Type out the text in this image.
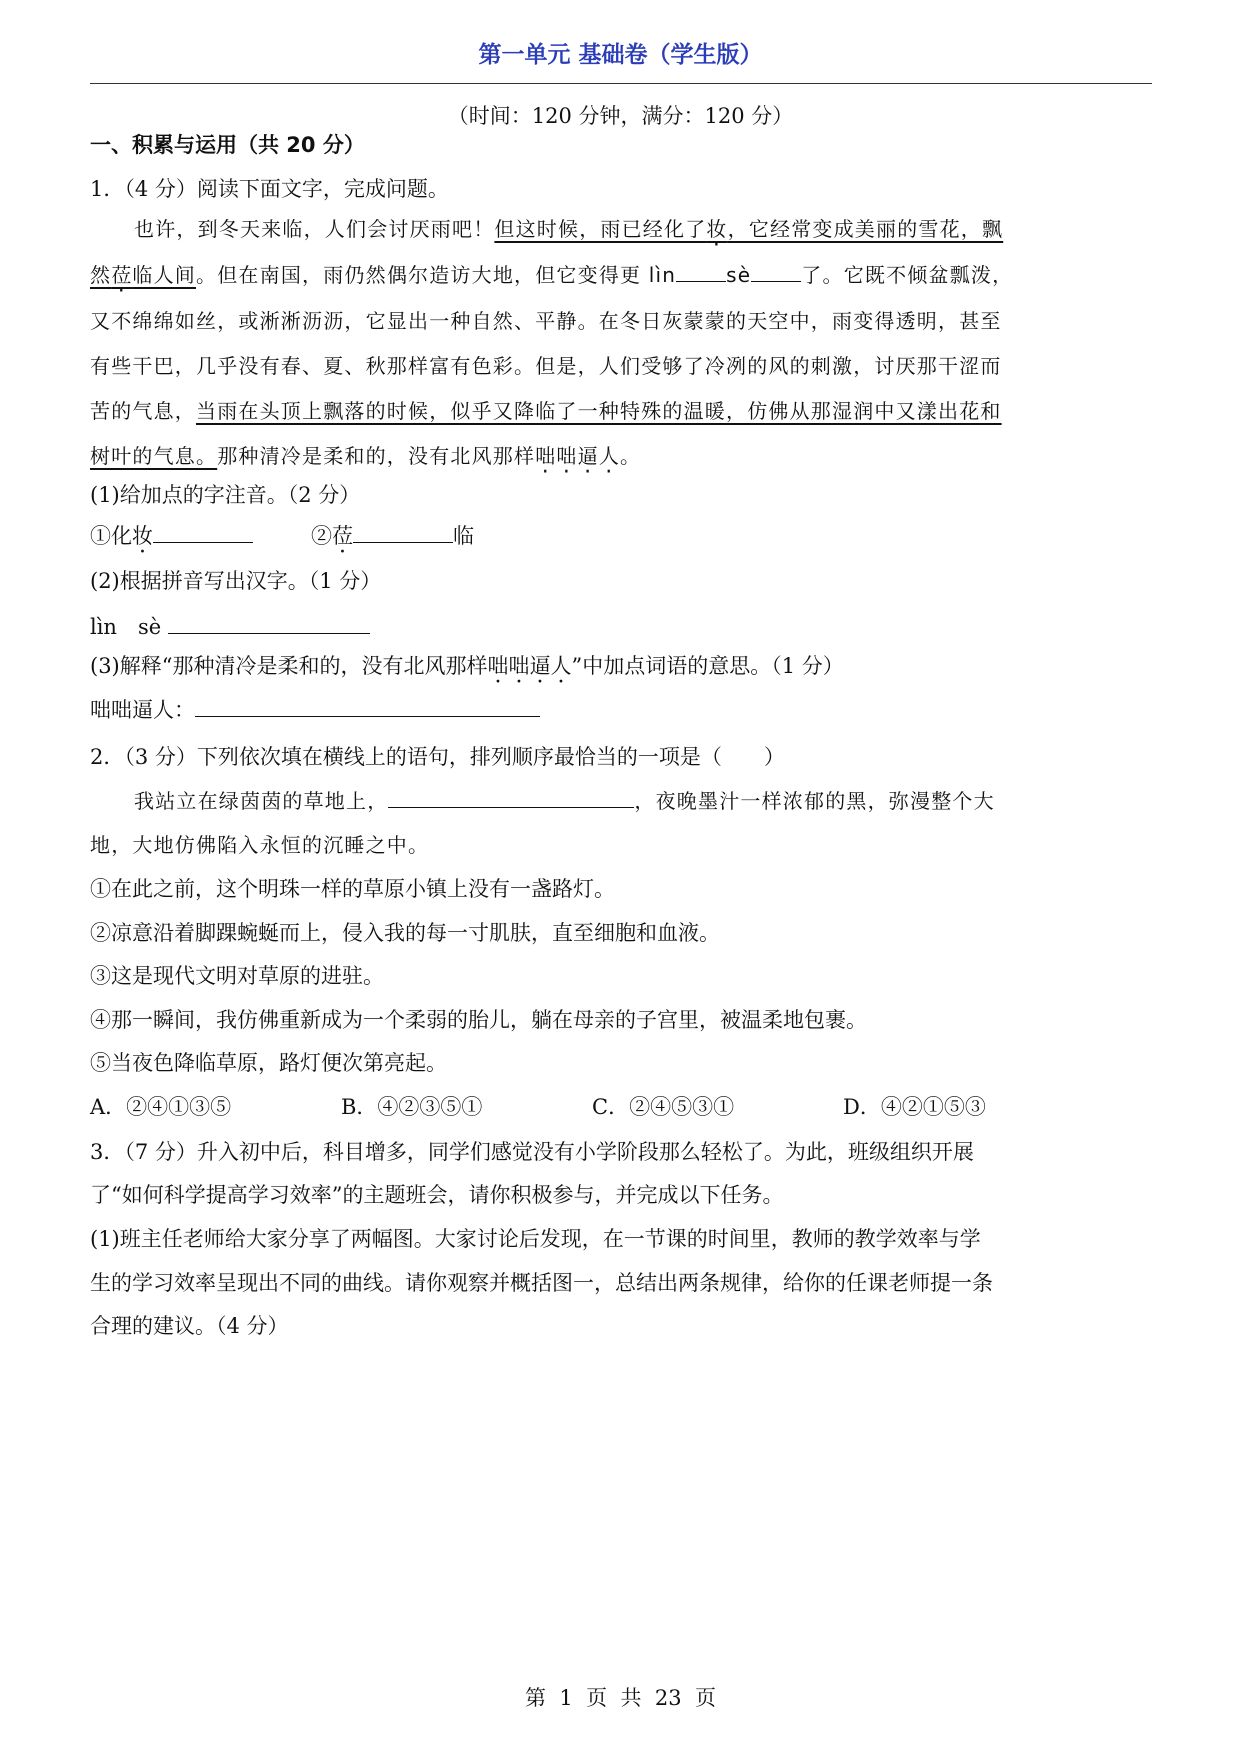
第一单元 基础卷（学生版）
（时间：120 分钟，满分：120 分）
一、积累与运用（共 20 分）
1．（4 分）阅读下面文字，完成问题。
也许，到冬天来临，人们会讨厌雨吧！但这时候，雨已经化了妆，它经常变成美丽的雪花，飘
然莅临人间。但在南国，雨仍然偶尔造访大地，但它变得更 lìn	sè	了。它既不倾盆瓢泼，
又不绵绵如丝，或淅淅沥沥，它显出一种自然、平静。在冬日灰蒙蒙的天空中，雨变得透明，甚至
有些干巴，几乎没有春、夏、秋那样富有色彩。但是，人们受够了冷冽的风的刺激，讨厌那干涩而
苦的气息，当雨在头顶上飘落的时候，似乎又降临了一种特殊的温暖，仿佛从那湿润中又漾出花和
树叶的气息。那种清冷是柔和的，没有北风那样咄咄逼人。
(1)给加点的字注音。（2 分）
①化妆	②莅	临
(2)根据拼音写出汉字。（1 分）
lìn　sè
(3)解释“那种清冷是柔和的，没有北风那样咄咄逼人”中加点词语的意思。（1 分）
咄咄逼人：
2．（3 分）下列依次填在横线上的语句，排列顺序最恰当的一项是（　　）
我站立在绿茵茵的草地上，	，夜晚墨汁一样浓郁的黑，弥漫整个大
地，大地仿佛陷入永恒的沉睡之中。
①在此之前，这个明珠一样的草原小镇上没有一盏路灯。
②凉意沿着脚踝蜿蜒而上，侵入我的每一寸肌肤，直至细胞和血液。
③这是现代文明对草原的进驻。
④那一瞬间，我仿佛重新成为一个柔弱的胎儿，躺在母亲的子宫里，被温柔地包裹。
⑤当夜色降临草原，路灯便次第亮起。
A．②④①③⑤	B．④②③⑤①	C．②④⑤③①	D．④②①⑤③
3．（7 分）升入初中后，科目增多，同学们感觉没有小学阶段那么轻松了。为此，班级组织开展
了“如何科学提高学习效率”的主题班会，请你积极参与，并完成以下任务。
(1)班主任老师给大家分享了两幅图。大家讨论后发现，在一节课的时间里，教师的教学效率与学
生的学习效率呈现出不同的曲线。请你观察并概括图一，总结出两条规律，给你的任课老师提一条
合理的建议。（4 分）
第 1 页 共 23 页
